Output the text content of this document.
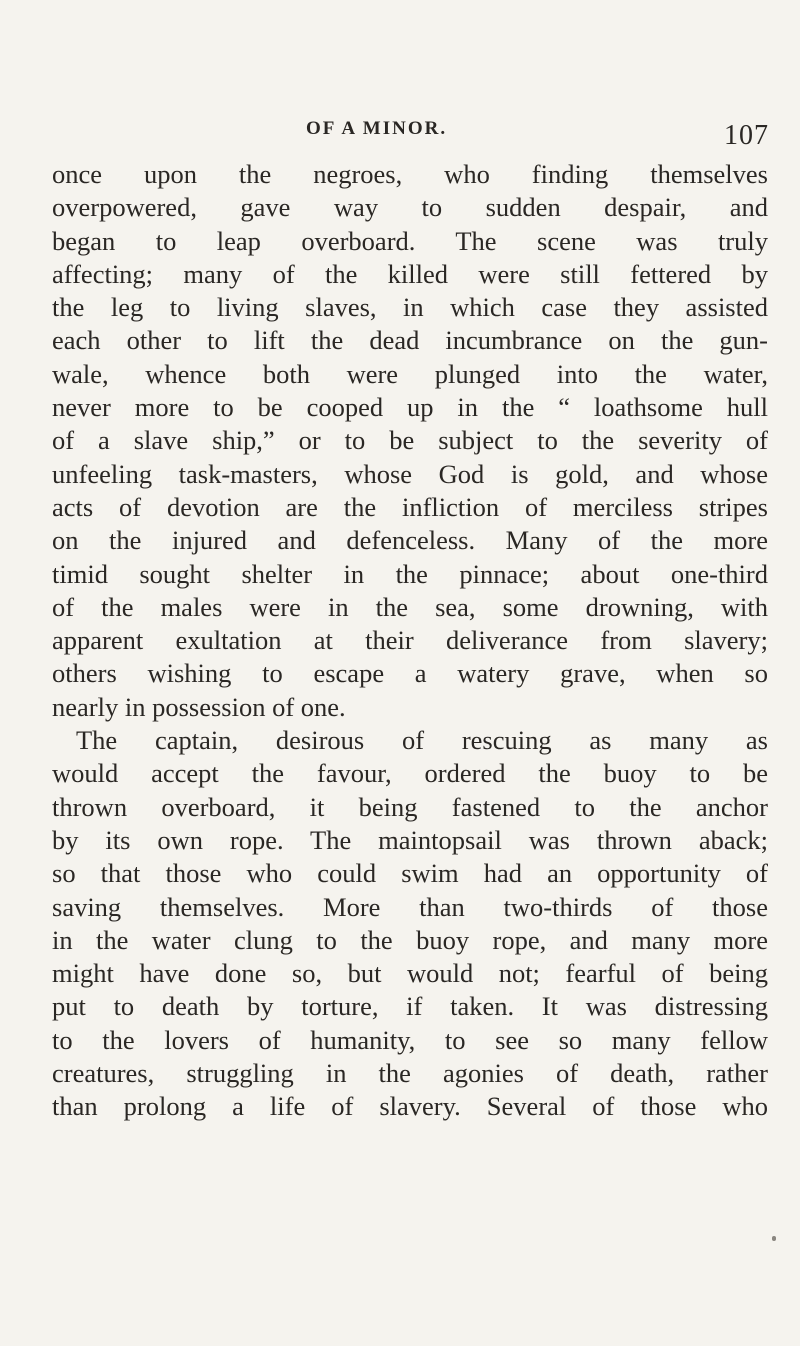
OF A MINOR.	107
once upon the negroes, who finding themselves
overpowered, gave way to sudden despair, and
began to leap overboard. The scene was truly
affecting; many of the killed were still fettered by
the leg to living slaves, in which case they assisted
each other to lift the dead incumbrance on the gun-
wale, whence both were plunged into the water,
never more to be cooped up in the “ loathsome hull
of a slave ship,” or to be subject to the severity of
unfeeling task-masters, whose God is gold, and whose
acts of devotion are the infliction of merciless stripes
on the injured and defenceless. Many of the more
timid sought shelter in the pinnace; about one-third
of the males were in the sea, some drowning, with
apparent exultation at their deliverance from slavery;
others wishing to escape a watery grave, when so
nearly in possession of one.
The captain, desirous of rescuing as many as
would accept the favour, ordered the buoy to be
thrown overboard, it being fastened to the anchor
by its own rope. The maintopsail was thrown aback;
so that those who could swim had an opportunity of
saving themselves. More than two-thirds of those
in the water clung to the buoy rope, and many more
might have done so, but would not; fearful of being
put to death by torture, if taken. It was distressing
to the lovers of humanity, to see so many fellow
creatures, struggling in the agonies of death, rather
than prolong a life of slavery. Several of those who
